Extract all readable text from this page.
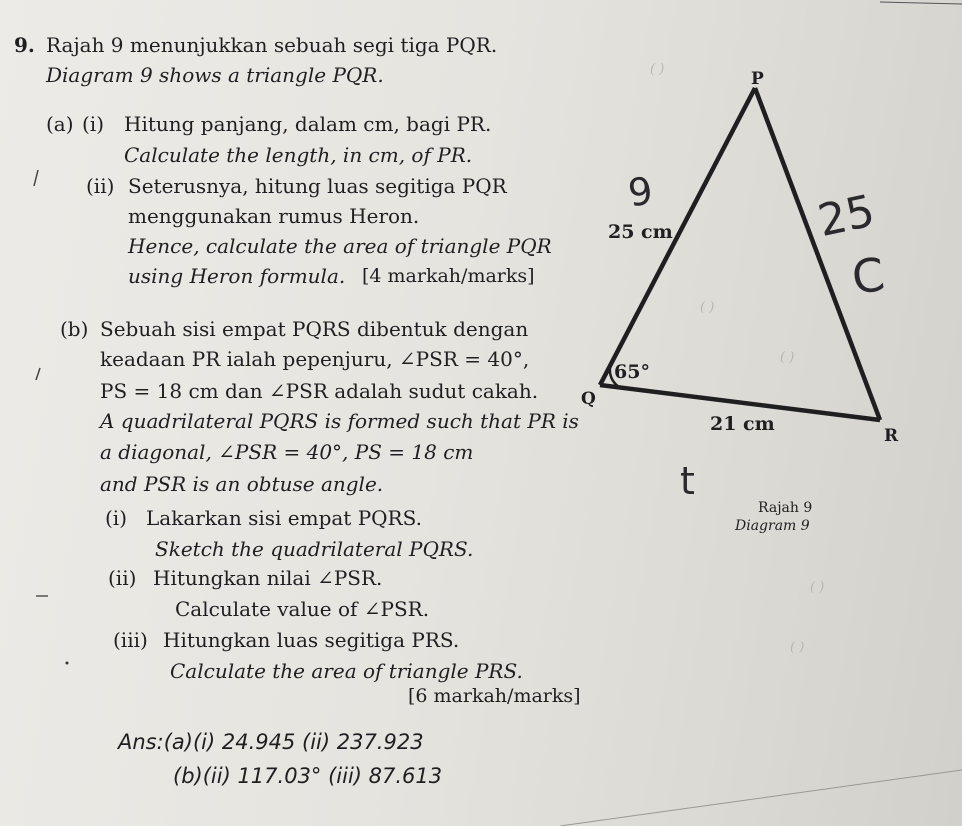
( )
( )
( )
( )
( )
9. Rajah 9 menunjukkan sebuah segi tiga PQR.
Diagram 9 shows a triangle PQR.
(a) (i) Hitung panjang, dalam cm, bagi PR.
Calculate the length, in cm, of PR.
(ii) Seterusnya, hitung luas segitiga PQR
menggunakan rumus Heron.
Hence, calculate the area of triangle PQR
using Heron formula. [4 markah/marks]
(b) Sebuah sisi empat PQRS dibentuk dengan
keadaan PR ialah pepenjuru, ∠PSR = 40°,
PS = 18 cm dan ∠PSR adalah sudut cakah.
A quadrilateral PQRS is formed such that PR is
a diagonal, ∠PSR = 40°, PS = 18 cm
and PSR is an obtuse angle.
(i) Lakarkan sisi empat PQRS.
Sketch the quadrilateral PQRS.
(ii) Hitungkan nilai ∠PSR.
Calculate value of ∠PSR.
(iii) Hitungkan luas segitiga PRS.
Calculate the area of triangle PRS.
[6 markah/marks]
Ans:(a)(i) 24.945 (ii) 237.923
(b)(ii) 117.03° (iii) 87.613
P
Q
R
25 cm
21 cm
65°
Rajah 9
Diagram 9
9	25
C
t
